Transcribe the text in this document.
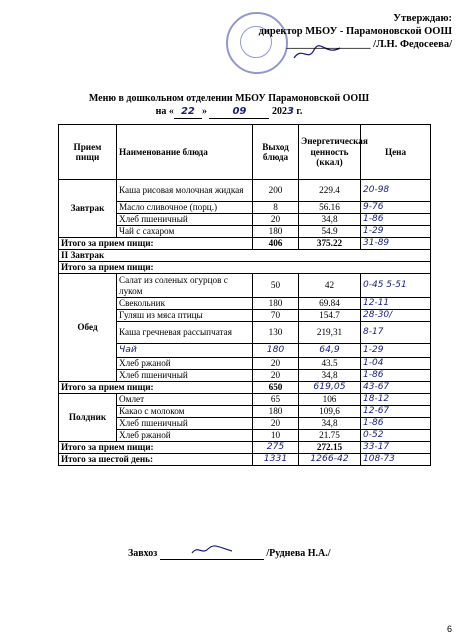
Утверждаю:
директор МБОУ - Парамоновской ООШ
________________ /Л.Н. Федосеева/
Меню в дошкольном отделении МБОУ Парамоновской ООШ
на « 22 »	09	2023 г.
Прием пищи	Наименование блюда	Выход блюда	Энергетическая ценность (ккал)	Цена
Завтрак	Каша рисовая молочная жидкая	200	229.4	20-98
	Масло сливочное (порц.)	8	56.16	9-76
	Хлеб пшеничный	20	34,8	1-86
	Чай с сахаром	180	54.9	1-29
Итого за прием пищи:		406	375.22	31-89
II Завтрак				
Итого за прием пищи:				
Обед	Салат из соленых огурцов с луком	50	42	0-45 5-51
	Свекольник	180	69.84	12-11
	Гуляш из мяса птицы	70	154.7	28-30/
	Каша гречневая рассыпчатая	130	219,31	8-17
	Чай	180	64,9	1-29
	Хлеб ржаной	20	43.5	1-04
	Хлеб пшеничный	20	34,8	1-86
Итого за прием пищи:		650	619,05	43-67
Полдник	Омлет	65	106	18-12
	Какао с молоком	180	109,6	12-67
	Хлеб пшеничный	20	34,8	1-86
	Хлеб ржаной	10	21.75	0-52
Итого за прием пищи:		275	272.15	33-17
Итого за шестой день:		1331	1266-42	108-73
Завхоз	/Руднева Н.А./
6
